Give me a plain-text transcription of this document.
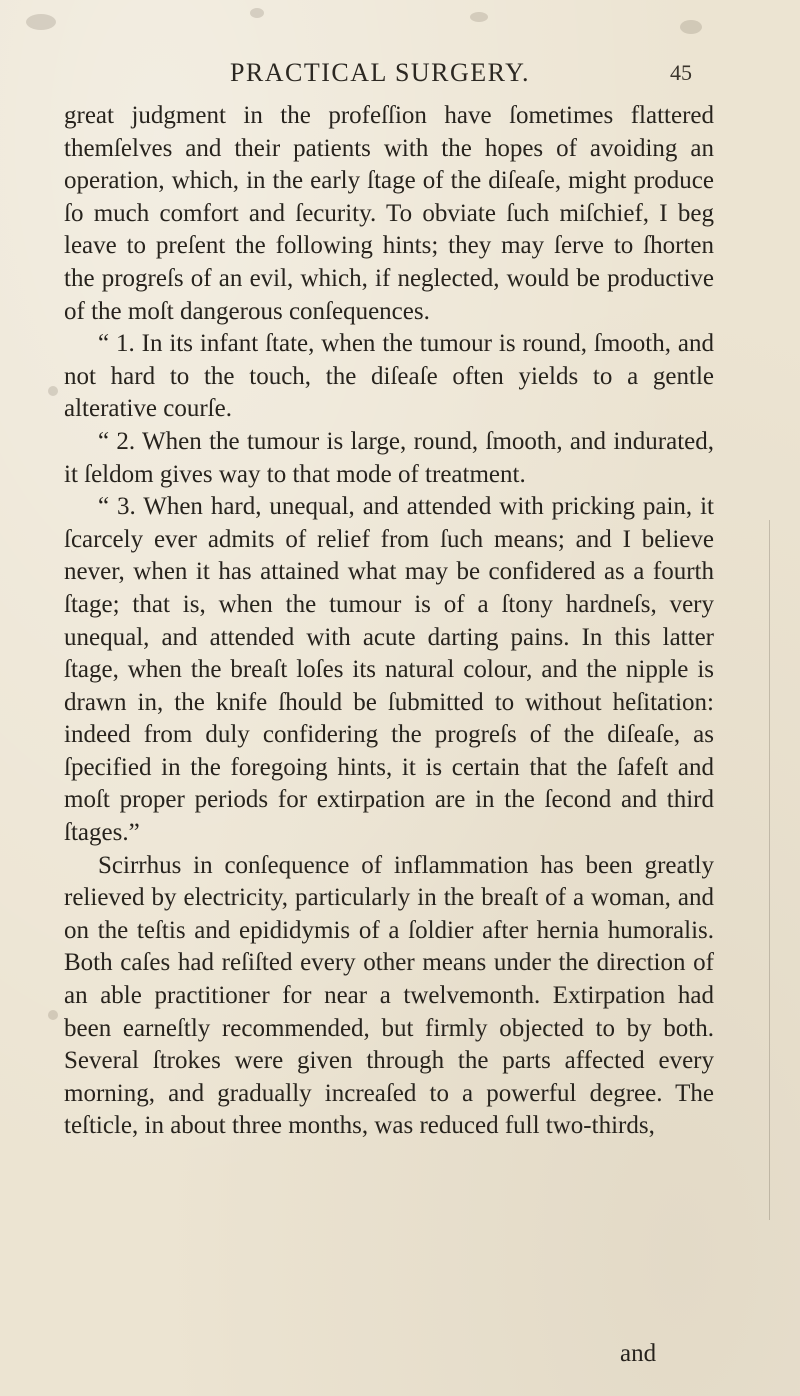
PRACTICAL SURGERY.	45

great judgment in the profeſſion have ſometimes flattered themſelves and their patients with the hopes of avoiding an operation, which, in the early ſtage of the diſeaſe, might produce ſo much comfort and ſecurity. To obviate ſuch miſchief, I beg leave to preſent the following hints; they may ſerve to ſhorten the progreſs of an evil, which, if neglected, would be productive of the moſt dangerous conſequences.

“ 1. In its infant ſtate, when the tumour is round, ſmooth, and not hard to the touch, the diſeaſe often yields to a gentle alterative courſe.

“ 2. When the tumour is large, round, ſmooth, and indurated, it ſeldom gives way to that mode of treatment.

“ 3. When hard, unequal, and attended with pricking pain, it ſcarcely ever admits of relief from ſuch means; and I believe never, when it has attained what may be confidered as a fourth ſtage; that is, when the tumour is of a ſtony hardneſs, very unequal, and attended with acute darting pains. In this latter ſtage, when the breaſt loſes its natural colour, and the nipple is drawn in, the knife ſhould be ſubmitted to without heſitation: indeed from duly confidering the progreſs of the diſeaſe, as ſpecified in the foregoing hints, it is certain that the ſafeſt and moſt proper periods for extirpation are in the ſecond and third ſtages.”

Scirrhus in conſequence of inflammation has been greatly relieved by electricity, particularly in the breaſt of a woman, and on the teſtis and epididymis of a ſoldier after hernia humoralis. Both caſes had reſiſted every other means under the direction of an able practitioner for near a twelvemonth. Extirpation had been earneſtly recommended, but firmly objected to by both. Several ſtrokes were given through the parts affected every morning, and gradually increaſed to a powerful degree. The teſticle, in about three months, was reduced full two-thirds,

and
